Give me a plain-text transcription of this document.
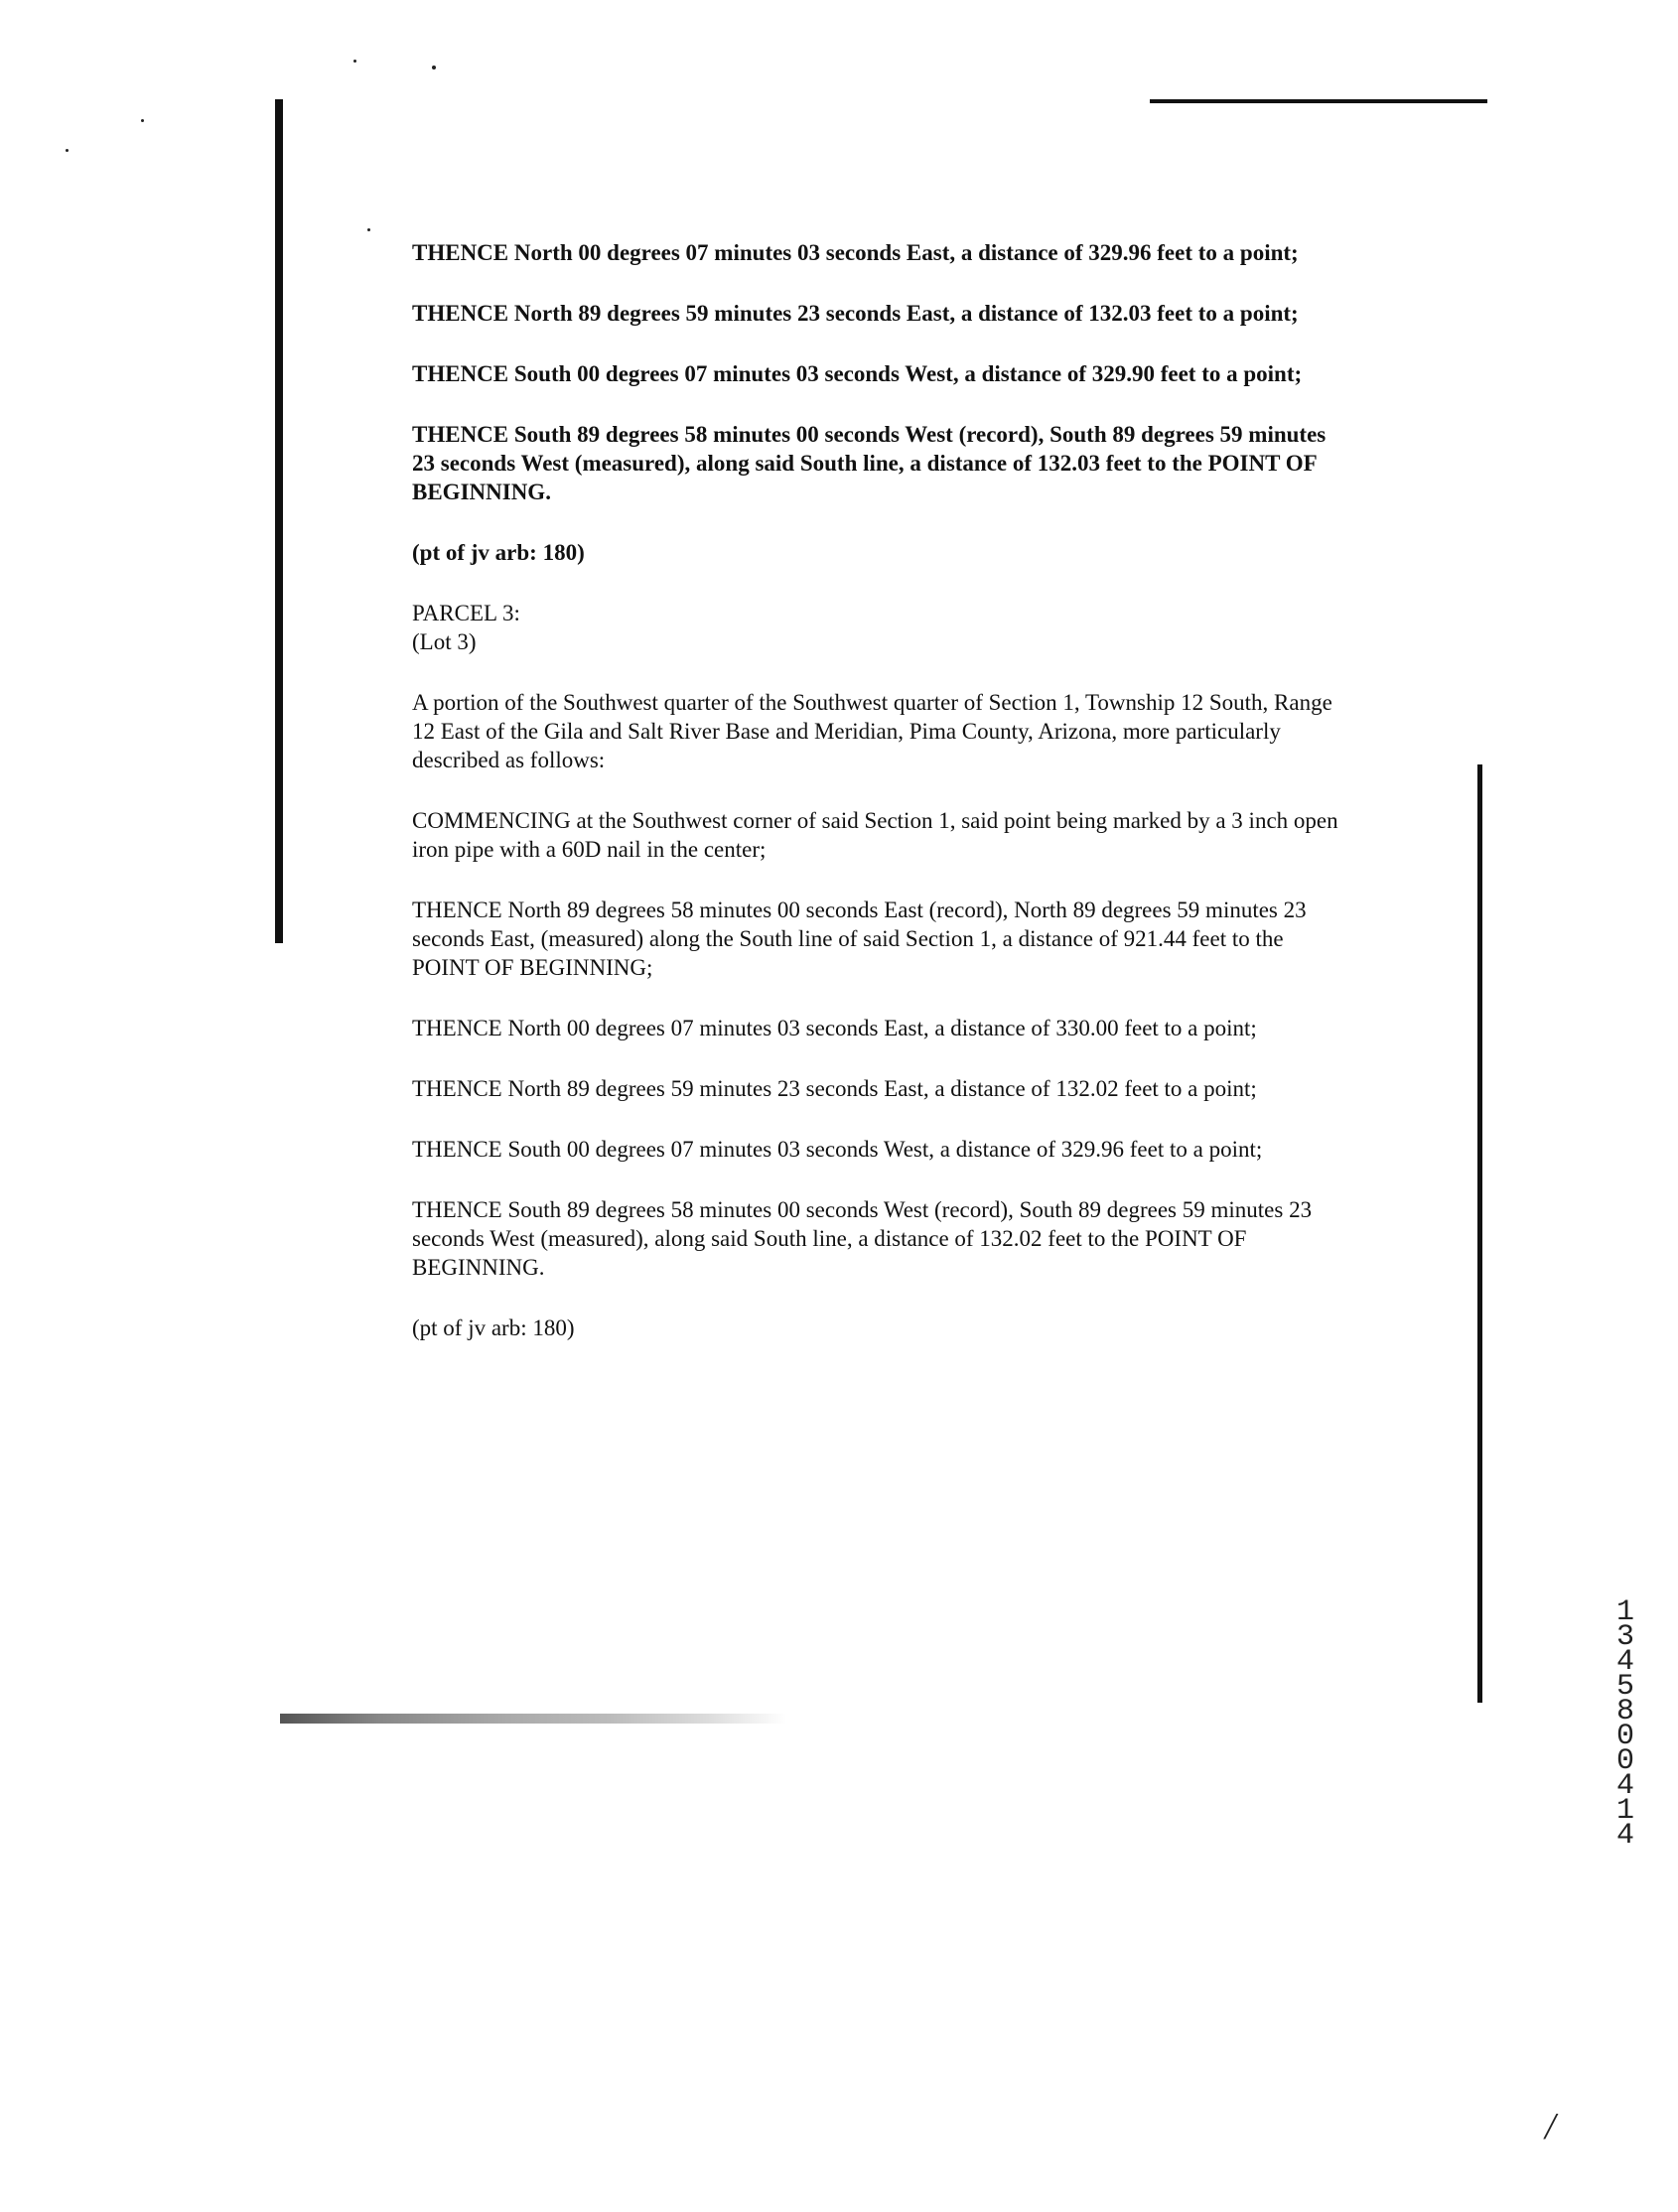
THENCE North 00 degrees 07 minutes 03 seconds East, a distance of 329.96 feet to a point;

THENCE North 89 degrees 59 minutes 23 seconds East, a distance of 132.03 feet to a point;

THENCE South 00 degrees 07 minutes 03 seconds West, a distance of 329.90 feet to a point;

THENCE South 89 degrees 58 minutes 00 seconds West (record), South 89 degrees 59 minutes 23 seconds West (measured), along said South line, a distance of 132.03 feet to the POINT OF BEGINNING.

(pt of jv arb: 180)

PARCEL 3:

(Lot 3)

A portion of the Southwest quarter of the Southwest quarter of Section 1, Township 12 South, Range 12 East of the Gila and Salt River Base and Meridian, Pima County, Arizona, more particularly described as follows:

COMMENCING at the Southwest corner of said Section 1, said point being marked by a 3 inch open iron pipe with a 60D nail in the center;

THENCE North 89 degrees 58 minutes 00 seconds East (record), North 89 degrees 59 minutes 23 seconds East, (measured) along the South line of said Section 1, a distance of 921.44 feet to the POINT OF BEGINNING;

THENCE North 00 degrees 07 minutes 03 seconds East, a distance of 330.00 feet to a point;

THENCE North 89 degrees 59 minutes 23 seconds East, a distance of 132.02 feet to a point;

THENCE South 00 degrees 07 minutes 03 seconds West, a distance of 329.96 feet to a point;

THENCE South 89 degrees 58 minutes 00 seconds West (record), South 89 degrees 59 minutes 23 seconds West (measured), along said South line, a distance of 132.02 feet to the POINT OF BEGINNING.

(pt of jv arb: 180)

13458 00414
/
